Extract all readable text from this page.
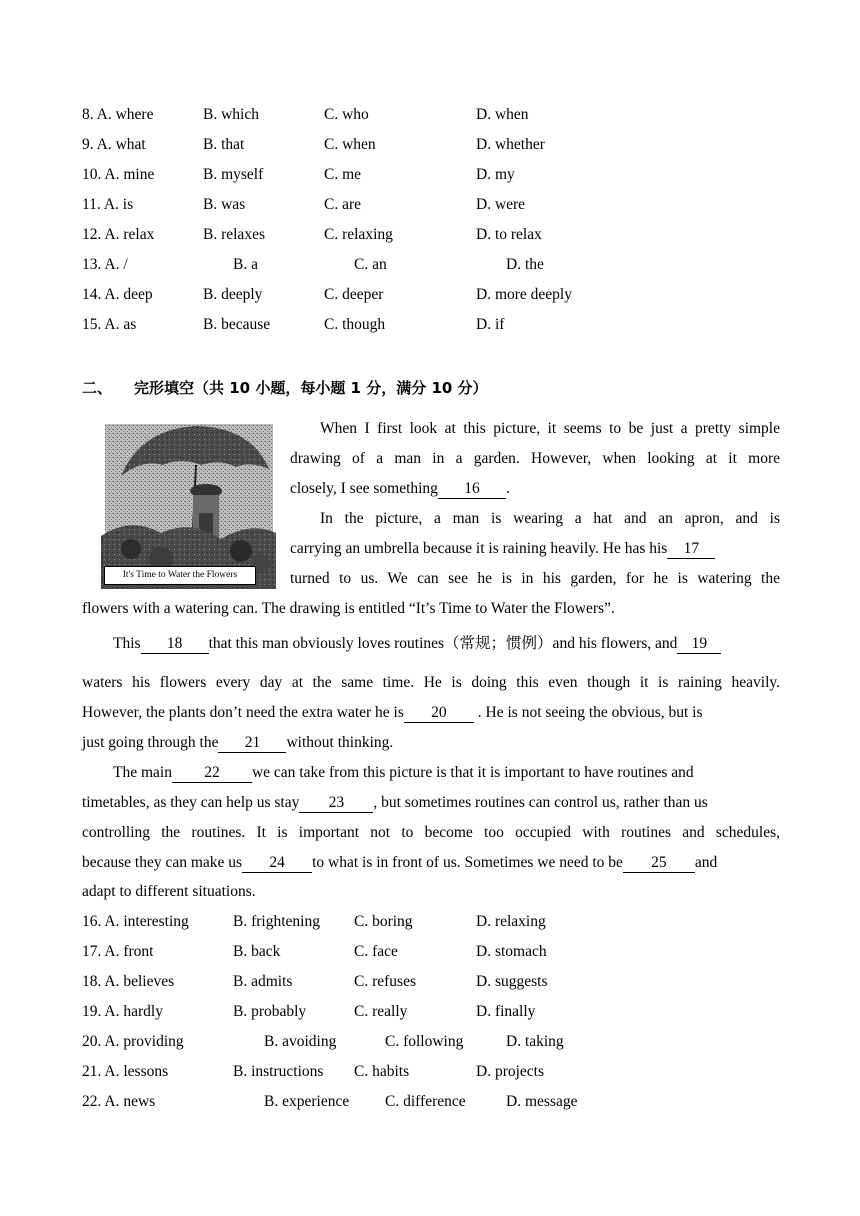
8. A. where	B. which	C. who	D. when
9. A. what	B. that	C. when	D. whether
10. A. mine	B. myself	C. me	D. my
11. A. is	B. was	C. are	D. were
12. A. relax	B. relaxes	C. relaxing	D. to relax
13. A. /	B. a	C. an	D. the
14. A. deep	B. deeply	C. deeper	D. more deeply
15. A. as	B. because	C. though	D. if
二、 完形填空（共 10 小题，每小题 1 分，满分 10 分）
It's Time to Water the Flowers
When I first look at this picture, it seems to be just a pretty simple
drawing of a man in a garden. However, when looking at it more
closely, I see something 16 .
In the picture, a man is wearing a hat and an apron, and is
carrying an umbrella because it is raining heavily. He has his 17
turned to us. We can see he is in his garden, for he is watering the
flowers with a watering can. The drawing is entitled “It’s Time to Water the Flowers”.
This 18 that this man obviously loves routines（常规；惯例）and his flowers, and 19
waters his flowers every day at the same time. He is doing this even though it is raining heavily.
However, the plants don’t need the extra water he is 20 . He is not seeing the obvious, but is
just going through the 21 without thinking.
The main 22 we can take from this picture is that it is important to have routines and
timetables, as they can help us stay 23 , but sometimes routines can control us, rather than us
controlling the routines. It is important not to become too occupied with routines and schedules,
because they can make us 24 to what is in front of us. Sometimes we need to be 25 and
adapt to different situations.
16. A. interesting	B. frightening C. boring	D. relaxing
17. A. front	B. back	C. face	D. stomach
18. A. believes	B. admits	C. refuses	D. suggests
19. A. hardly	B. probably	C. really	D. finally
20. A. providing	B. avoiding	C. following	D. taking
21. A. lessons	B. instructions C. habits	D. projects
22. A. news	B. experience C. difference	D. message
